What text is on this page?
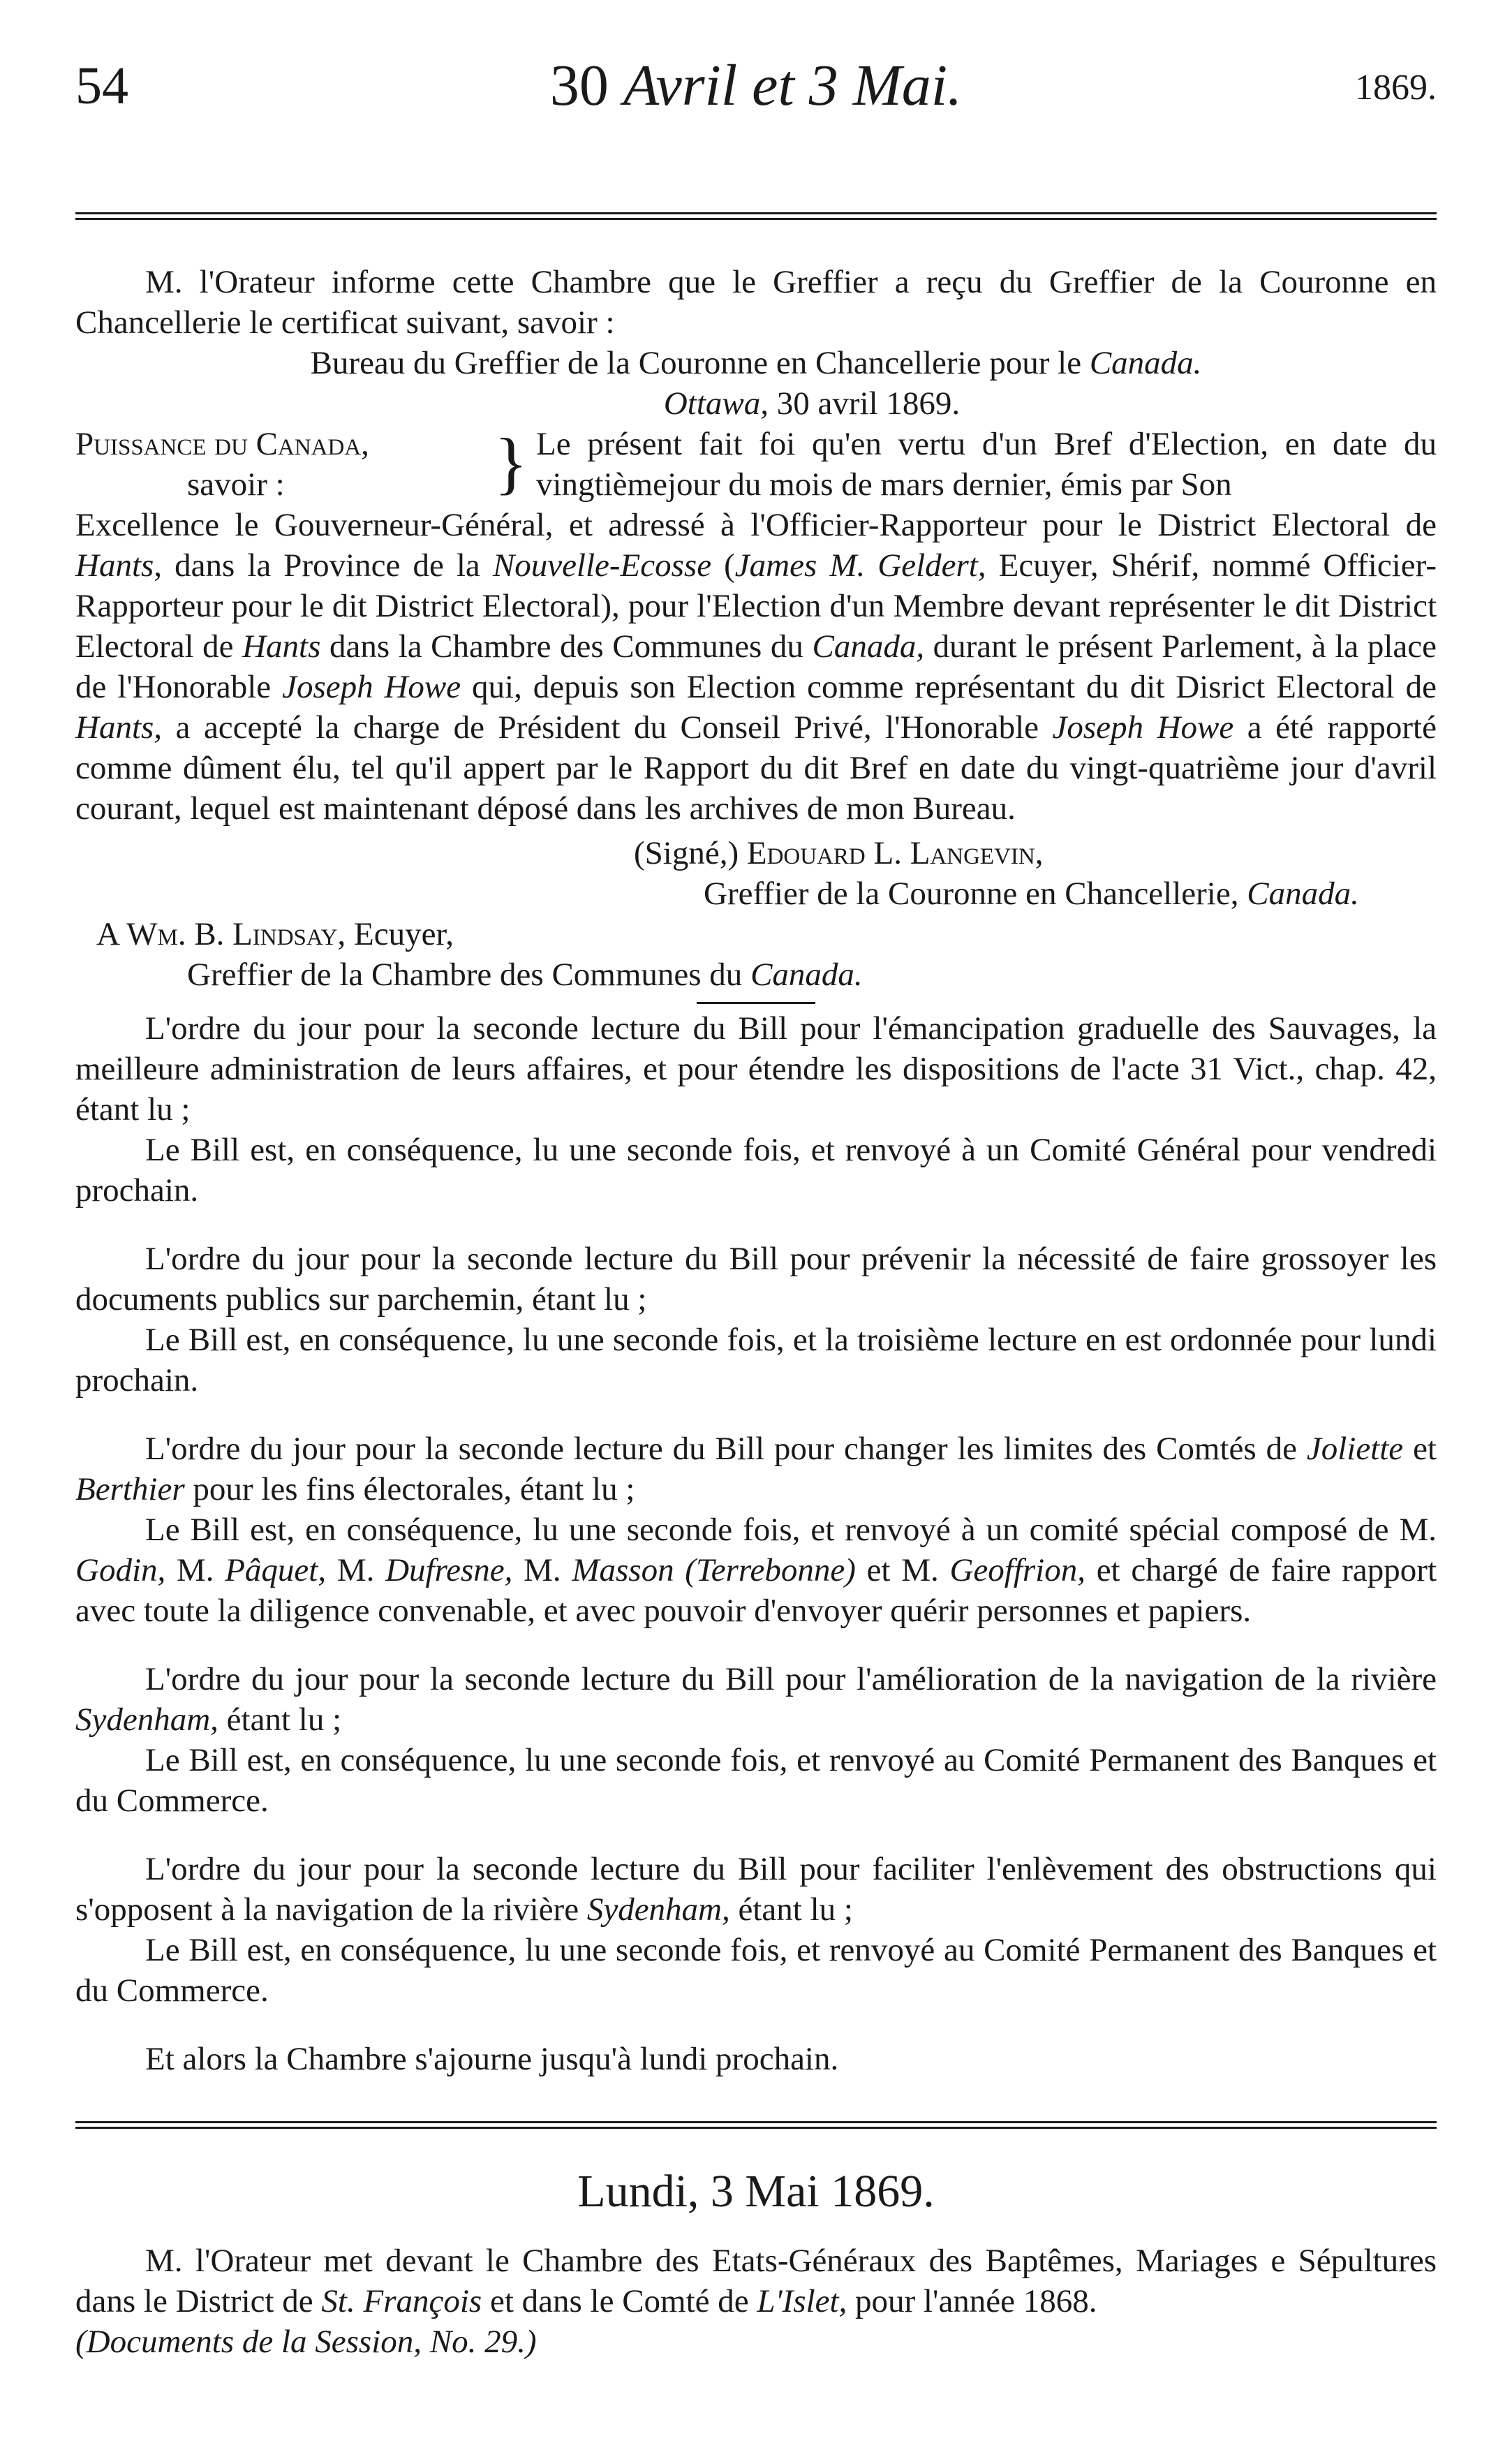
54	30 Avril et 3 Mai.	1869.

M. l'Orateur informe cette Chambre que le Greffier a reçu du Greffier de la Couronne en Chancellerie le certificat suivant, savoir :

Bureau du Greffier de la Couronne en Chancellerie pour le Canada.

Ottawa, 30 avril 1869.

Puissance du Canada,
savoir :	} Le présent fait foi qu'en vertu d'un Bref d'Election, en date du vingtièmejour du mois de mars dernier, émis par Son

Excellence le Gouverneur-Général, et adressé à l'Officier-Rapporteur pour le District Electoral de Hants, dans la Province de la Nouvelle-Ecosse (James M. Geldert, Ecuyer, Shérif, nommé Officier-Rapporteur pour le dit District Electoral), pour l'Election d'un Membre devant représenter le dit District Electoral de Hants dans la Chambre des Communes du Canada, durant le présent Parlement, à la place de l'Honorable Joseph Howe qui, depuis son Election comme représentant du dit Disrict Electoral de Hants, a accepté la charge de Président du Conseil Privé, l'Honorable Joseph Howe a été rapporté comme dûment élu, tel qu'il appert par le Rapport du dit Bref en date du vingt-quatrième jour d'avril courant, lequel est maintenant déposé dans les archives de mon Bureau.

(Signé,) Edouard L. Langevin,
Greffier de la Couronne en Chancellerie, Canada.
A Wm. B. Lindsay, Ecuyer,
Greffier de la Chambre des Communes du Canada.

L'ordre du jour pour la seconde lecture du Bill pour l'émancipation graduelle des Sauvages, la meilleure administration de leurs affaires, et pour étendre les dispositions de l'acte 31 Vict., chap. 42, étant lu ;

Le Bill est, en conséquence, lu une seconde fois, et renvoyé à un Comité Général pour vendredi prochain.

L'ordre du jour pour la seconde lecture du Bill pour prévenir la nécessité de faire grossoyer les documents publics sur parchemin, étant lu ;

Le Bill est, en conséquence, lu une seconde fois, et la troisième lecture en est ordonnée pour lundi prochain.

L'ordre du jour pour la seconde lecture du Bill pour changer les limites des Comtés de Joliette et Berthier pour les fins électorales, étant lu ;

Le Bill est, en conséquence, lu une seconde fois, et renvoyé à un comité spécial composé de M. Godin, M. Pâquet, M. Dufresne, M. Masson (Terrebonne) et M. Geoffrion, et chargé de faire rapport avec toute la diligence convenable, et avec pouvoir d'envoyer quérir personnes et papiers.

L'ordre du jour pour la seconde lecture du Bill pour l'amélioration de la navigation de la rivière Sydenham, étant lu ;

Le Bill est, en conséquence, lu une seconde fois, et renvoyé au Comité Permanent des Banques et du Commerce.

L'ordre du jour pour la seconde lecture du Bill pour faciliter l'enlèvement des obstructions qui s'opposent à la navigation de la rivière Sydenham, étant lu ;

Le Bill est, en conséquence, lu une seconde fois, et renvoyé au Comité Permanent des Banques et du Commerce.

Et alors la Chambre s'ajourne jusqu'à lundi prochain.

Lundi, 3 Mai 1869.

M. l'Orateur met devant le Chambre des Etats-Généraux des Baptêmes, Mariages e Sépultures dans le District de St. François et dans le Comté de L'Islet, pour l'année 1868.

(Documents de la Session, No. 29.)
